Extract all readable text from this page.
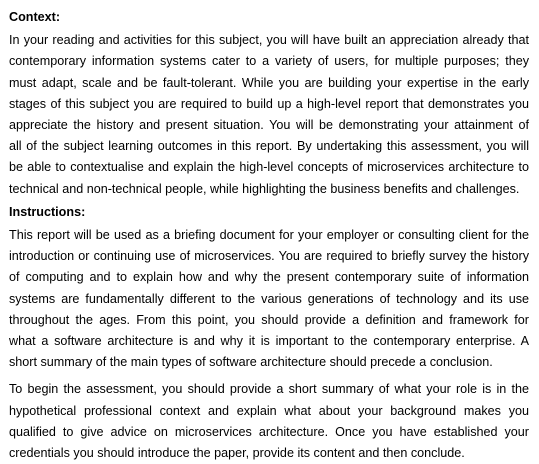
Context:
In your reading and activities for this subject, you will have built an appreciation already that
contemporary information systems cater to a variety of users, for multiple purposes; they
must adapt, scale and be fault-tolerant. While you are building your expertise in the early
stages of this subject you are required to build up a high-level report that demonstrates you
appreciate the history and present situation. You will be demonstrating your attainment of
all of the subject learning outcomes in this report. By undertaking this assessment, you will
be able to contextualise and explain the high-level concepts of microservices architecture to
technical and non-technical people, while highlighting the business benefits and challenges.
Instructions:
This report will be used as a briefing document for your employer or consulting client for the
introduction or continuing use of microservices. You are required to briefly survey the history
of computing and to explain how and why the present contemporary suite of information
systems are fundamentally different to the various generations of technology and its use
throughout the ages. From this point, you should provide a definition and framework for
what a software architecture is and why it is important to the contemporary enterprise. A
short summary of the main types of software architecture should precede a conclusion.
To begin the assessment, you should provide a short summary of what your role is in the
hypothetical professional context and explain what about your background makes you
qualified to give advice on microservices architecture. Once you have established your
credentials you should introduce the paper, provide its content and then conclude.
